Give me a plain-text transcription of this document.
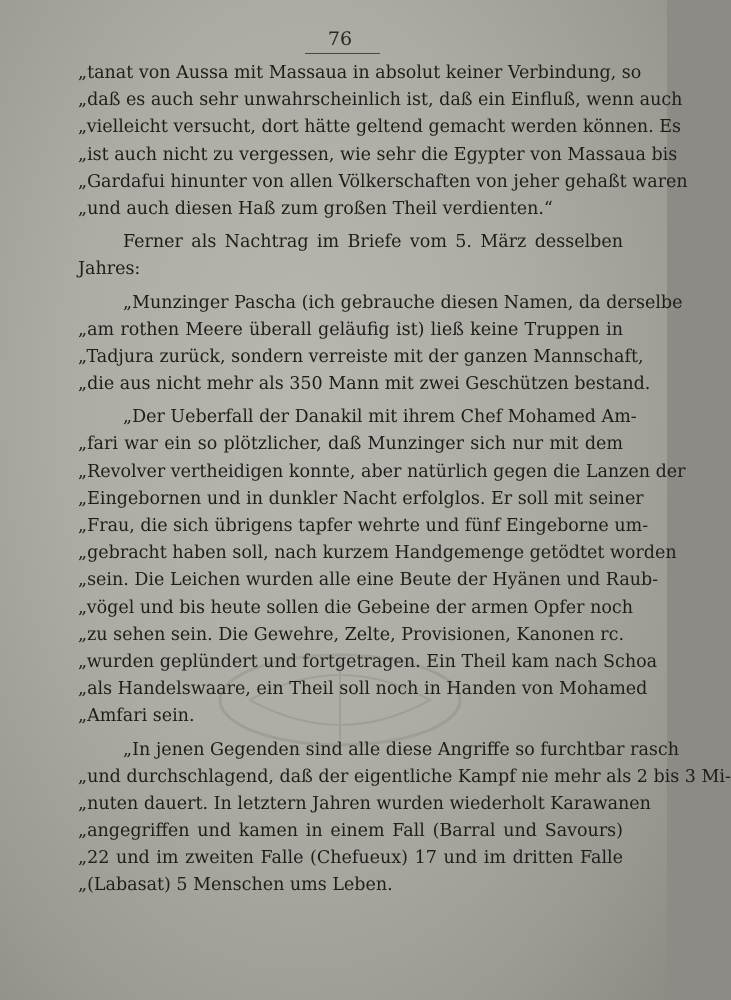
76
„tanat von Aussa mit Massaua in absolut keiner Verbindung, so
„daß es auch sehr unwahrscheinlich ist, daß ein Einfluß, wenn auch
„vielleicht versucht, dort hätte geltend gemacht werden können. Es
„ist auch nicht zu vergessen, wie sehr die Egypter von Massaua bis
„Gardafui hinunter von allen Völkerschaften von jeher gehaßt waren
„und auch diesen Haß zum großen Theil verdienten.“
Ferner als Nachtrag im Briefe vom 5. März desselben
Jahres:
„Munzinger Pascha (ich gebrauche diesen Namen, da derselbe
„am rothen Meere überall geläufig ist) ließ keine Truppen in
„Tadjura zurück, sondern verreiste mit der ganzen Mannschaft,
„die aus nicht mehr als 350 Mann mit zwei Geschützen bestand.
„Der Ueberfall der Danakil mit ihrem Chef Mohamed Am-
„fari war ein so plötzlicher, daß Munzinger sich nur mit dem
„Revolver vertheidigen konnte, aber natürlich gegen die Lanzen der
„Eingebornen und in dunkler Nacht erfolglos. Er soll mit seiner
„Frau, die sich übrigens tapfer wehrte und fünf Eingeborne um-
„gebracht haben soll, nach kurzem Handgemenge getödtet worden
„sein. Die Leichen wurden alle eine Beute der Hyänen und Raub-
„vögel und bis heute sollen die Gebeine der armen Opfer noch
„zu sehen sein. Die Gewehre, Zelte, Provisionen, Kanonen rc.
„wurden geplündert und fortgetragen. Ein Theil kam nach Schoa
„als Handelswaare, ein Theil soll noch in Handen von Mohamed
„Amfari sein.
„In jenen Gegenden sind alle diese Angriffe so furchtbar rasch
„und durchschlagend, daß der eigentliche Kampf nie mehr als 2 bis 3 Mi-
„nuten dauert. In letztern Jahren wurden wiederholt Karawanen
„angegriffen und kamen in einem Fall (Barral und Savours)
„22 und im zweiten Falle (Chefueux) 17 und im dritten Falle
„(Labasat) 5 Menschen ums Leben.
